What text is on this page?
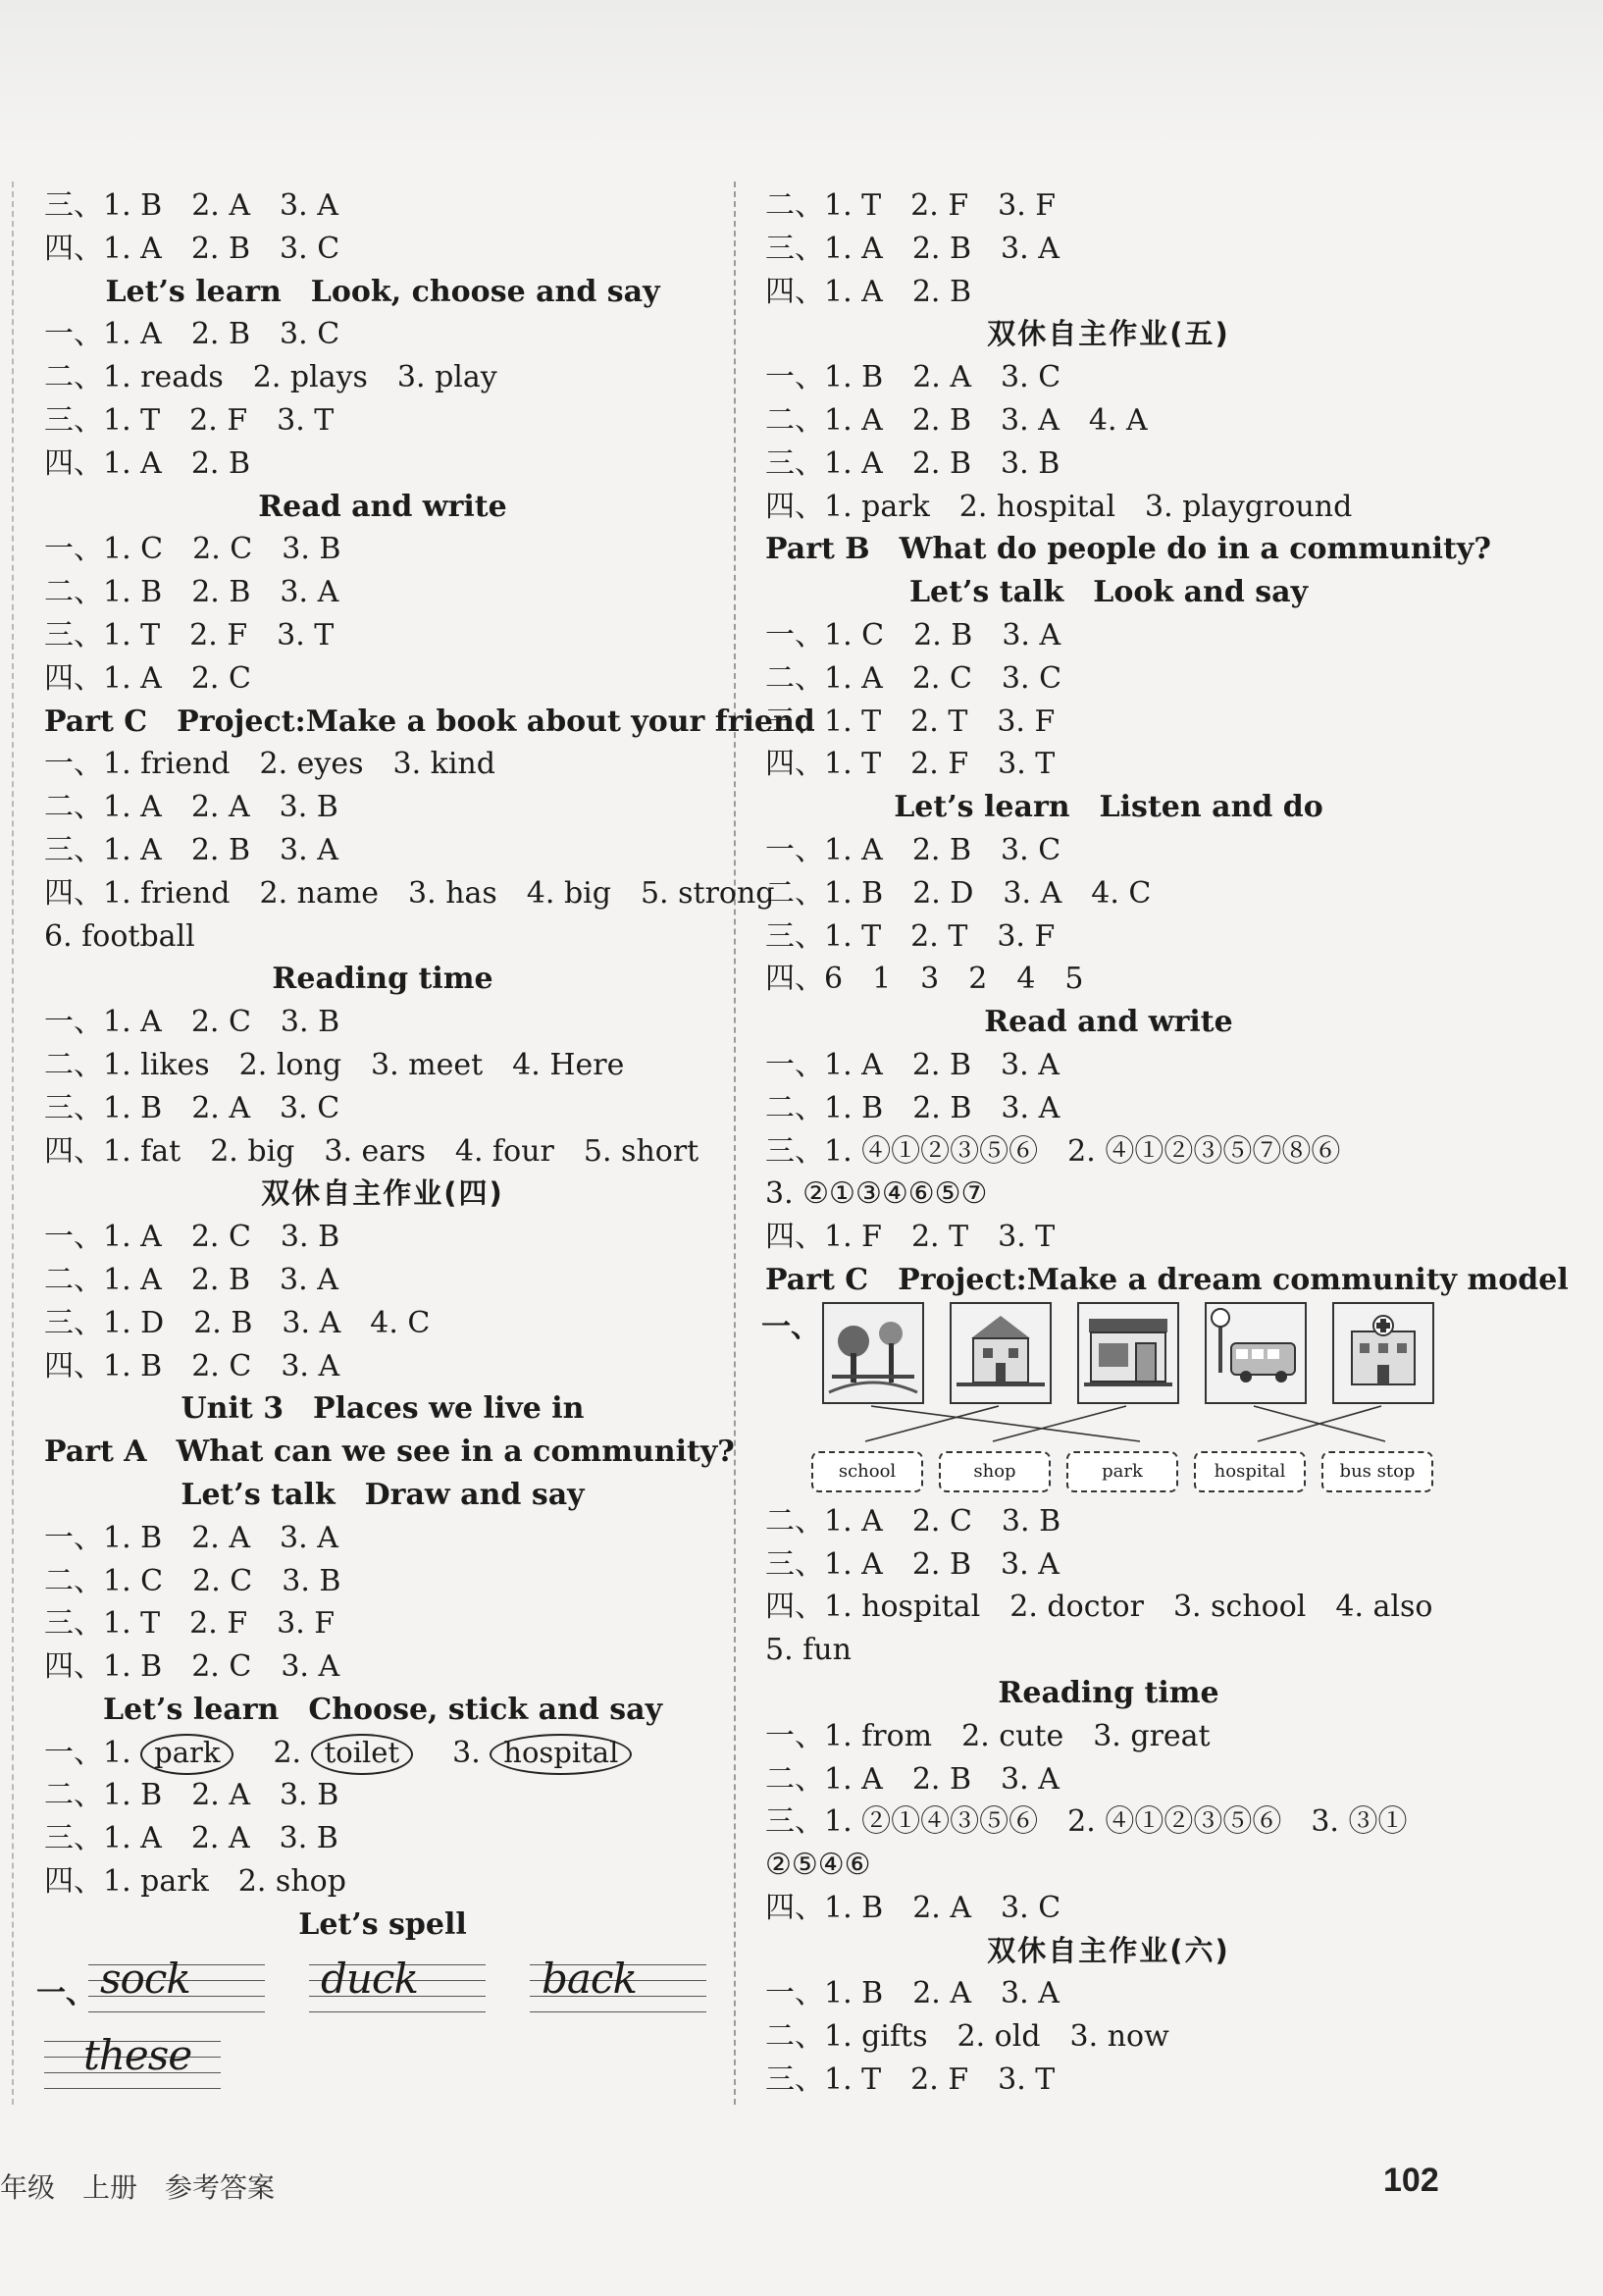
三、1. B　2. A　3. A
四、1. A　2. B　3. C
Let’s learn　Look, choose and say
一、1. A　2. B　3. C
二、1. reads　2. plays　3. play
三、1. T　2. F　3. T
四、1. A　2. B
Read and write
一、1. C　2. C　3. B
二、1. B　2. B　3. A
三、1. T　2. F　3. T
四、1. A　2. C
Part C　Project:Make a book about your friend
一、1. friend　2. eyes　3. kind
二、1. A　2. A　3. B
三、1. A　2. B　3. A
四、1. friend　2. name　3. has　4. big　5. strong
6. football
Reading time
一、1. A　2. C　3. B
二、1. likes　2. long　3. meet　4. Here
三、1. B　2. A　3. C
四、1. fat　2. big　3. ears　4. four　5. short
双休自主作业(四)
一、1. A　2. C　3. B
二、1. A　2. B　3. A
三、1. D　2. B　3. A　4. C
四、1. B　2. C　3. A
Unit 3　Places we live in
Part A　What can we see in a community?
Let’s talk　Draw and say
一、1. B　2. A　3. A
二、1. C　2. C　3. B
三、1. T　2. F　3. F
四、1. B　2. C　3. A
Let’s learn　Choose, stick and say
一、1. park 2. toilet 3. hospital
二、1. B　2. A　3. B
三、1. A　2. A　3. B
四、1. park　2. shop
Let’s spell
一、 sock	duck	back
these
二、1. T　2. F　3. F
三、1. A　2. B　3. A
四、1. A　2. B
双休自主作业(五)
一、1. B　2. A　3. C
二、1. A　2. B　3. A　4. A
三、1. A　2. B　3. B
四、1. park　2. hospital　3. playground
Part B　What do people do in a community?
Let’s talk　Look and say
一、1. C　2. B　3. A
二、1. A　2. C　3. C
三、1. T　2. T　3. F
四、1. T　2. F　3. T
Let’s learn　Listen and do
一、1. A　2. B　3. C
二、1. B　2. D　3. A　4. C
三、1. T　2. T　3. F
四、6　1　3　2　4　5
Read and write
一、1. A　2. B　3. A
二、1. B　2. B　3. A
三、1. ④①②③⑤⑥　2. ④①②③⑤⑦⑧⑥
3. ②①③④⑥⑤⑦
四、1. F　2. T　3. T
Part C　Project:Make a dream community model
一、
school	shop	park	hospital	bus stop
二、1. A　2. C　3. B
三、1. A　2. B　3. A
四、1. hospital　2. doctor　3. school　4. also
5. fun
Reading time
一、1. from　2. cute　3. great
二、1. A　2. B　3. A
三、1. ②①④③⑤⑥　2. ④①②③⑤⑥　3. ③①
②⑤④⑥
四、1. B　2. A　3. C
双休自主作业(六)
一、1. B　2. A　3. A
二、1. gifts　2. old　3. now
三、1. T　2. F　3. T
年级　上册　参考答案	102
